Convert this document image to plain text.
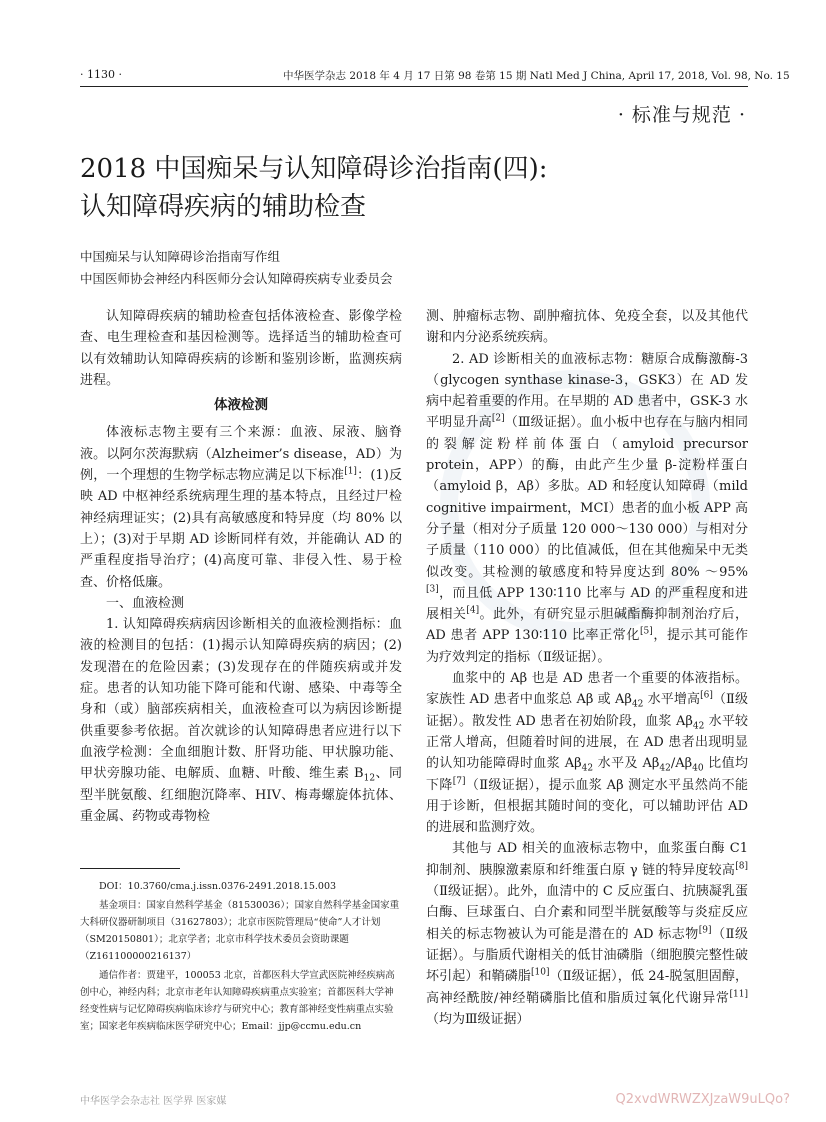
· 1130 ·	中华医学杂志 2018 年 4 月 17 日第 98 卷第 15 期 Natl Med J China, April 17, 2018, Vol. 98, No. 15
· 标准与规范 ·
2018 中国痴呆与认知障碍诊治指南(四):
认知障碍疾病的辅助检查
中国痴呆与认知障碍诊治指南写作组
中国医师协会神经内科医师分会认知障碍疾病专业委员会

认知障碍疾病的辅助检查包括体液检查、影像学检查、电生理检查和基因检测等。选择适当的辅助检查可以有效辅助认知障碍疾病的诊断和鉴别诊断，监测疾病进程。

体液检测

体液标志物主要有三个来源：血液、尿液、脑脊液。以阿尔茨海默病（Alzheimer’s disease，AD）为例，一个理想的生物学标志物应满足以下标准[1]：(1)反映 AD 中枢神经系统病理生理的基本特点，且经过尸检神经病理证实；(2)具有高敏感度和特异度（均 80% 以上）；(3)对于早期 AD 诊断同样有效，并能确认 AD 的严重程度指导治疗；(4)高度可靠、非侵入性、易于检查、价格低廉。

一、血液检测

1. 认知障碍疾病病因诊断相关的血液检测指标：血液的检测目的包括：(1)揭示认知障碍疾病的病因；(2)发现潜在的危险因素；(3)发现存在的伴随疾病或并发症。患者的认知功能下降可能和代谢、感染、中毒等全身和（或）脑部疾病相关，血液检查可以为病因诊断提供重要参考依据。首次就诊的认知障碍患者应进行以下血液学检测：全血细胞计数、肝肾功能、甲状腺功能、甲状旁腺功能、电解质、血糖、叶酸、维生素 $B_{12}$、同型半胱氨酸、红细胞沉降率、HIV、梅毒螺旋体抗体、重金属、药物或毒物检

DOI：10.3760/cma.j.issn.0376-2491.2018.15.003

基金项目：国家自然科学基金（81530036）；国家自然科学基金国家重大科研仪器研制项目（31627803）；北京市医院管理局“使命”人才计划（SM20150801）；北京学者；北京市科学技术委员会资助课题（Z161100000216137）

通信作者：贾建平，100053 北京，首都医科大学宣武医院神经疾病高创中心，神经内科；北京市老年认知障碍疾病重点实验室；首都医科大学神经变性病与记忆障碍疾病临床诊疗与研究中心；教育部神经变性病重点实验室；国家老年疾病临床医学研究中心；Email：jjp@ccmu.edu.cn

测、肿瘤标志物、副肿瘤抗体、免疫全套，以及其他代谢和内分泌系统疾病。

2. AD 诊断相关的血液标志物：糖原合成酶激酶-3（glycogen synthase kinase-3，GSK3）在 AD 发病中起着重要的作用。在早期的 AD 患者中，GSK-3 水平明显升高[2]（Ⅲ级证据）。血小板中也存在与脑内相同的裂解淀粉样前体蛋白（amyloid precursor protein，APP）的酶，由此产生少量 β-淀粉样蛋白（amyloid β，Aβ）多肽。AD 和轻度认知障碍（mild cognitive impairment，MCI）患者的血小板 APP 高分子量（相对分子质量 120 000～130 000）与相对分子质量（110 000）的比值减低，但在其他痴呆中无类似改变。其检测的敏感度和特异度达到 80% ～95%[3]，而且低 APP 130∶110 比率与 AD 的严重程度和进展相关[4]。此外，有研究显示胆碱酯酶抑制剂治疗后，AD 患者 APP 130∶110 比率正常化[5]，提示其可能作为疗效判定的指标（Ⅱ级证据）。

血浆中的 Aβ 也是 AD 患者一个重要的体液指标。家族性 AD 患者中血浆总 Aβ 或 $A\beta_{42}$ 水平增高[6]（Ⅱ级证据）。散发性 AD 患者在初始阶段，血浆 $A\beta_{42}$ 水平较正常人增高，但随着时间的进展，在 AD 患者出现明显的认知功能障碍时血浆 $A\beta_{42}$ 水平及 $A\beta_{42}/A\beta_{40}$ 比值均下降[7]（Ⅱ级证据），提示血浆 Aβ 测定水平虽然尚不能用于诊断，但根据其随时间的变化，可以辅助评估 AD 的进展和监测疗效。

其他与 AD 相关的血液标志物中，血浆蛋白酶 C1 抑制剂、胰腺激素原和纤维蛋白原 γ 链的特异度较高[8]（Ⅱ级证据）。此外，血清中的 C 反应蛋白、抗胰凝乳蛋白酶、巨球蛋白、白介素和同型半胱氨酸等与炎症反应相关的标志物被认为可能是潜在的 AD 标志物[9]（Ⅱ级证据）。与脂质代谢相关的低甘油磷脂（细胞膜完整性破坏引起）和鞘磷脂[10]（Ⅱ级证据），低 24-脱氢胆固醇，高神经酰胺/神经鞘磷脂比值和脂质过氧化代谢异常[11]（均为Ⅲ级证据）

中华医学会杂志社 医学界 医家媒	Q2xvdWRWZXJzaW9uLQo?
